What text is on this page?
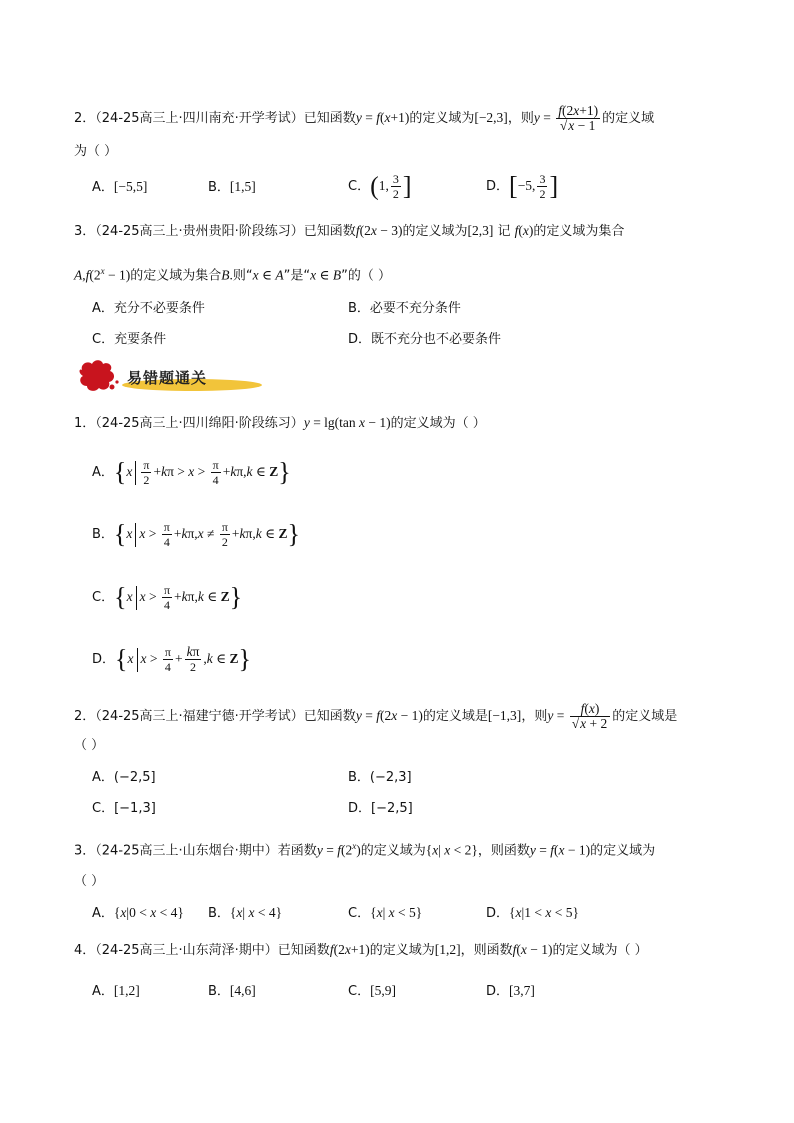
2．（24-25高三上·四川南充·开学考试）已知函数y = f(x+1)的定义域为[−2,3]，则$y = \frac{f(2x+1)}{√x - 1}$ 的定义域
为（ ）
A．[−5,5]	B．[1,5]	C．(1, $\frac{3}{2}$ ]	D．[−5, $\frac{3}{2}$ ]
3．（24-25高三上·贵州贵阳·阶段练习）已知函数f(2x − 3)的定义域为[2,3] 记 f(x)的定义域为集合
$A,f(2^x - 1)$的定义域为集合B.则“x ∈ A”是“x ∈ B”的（ ）
A．充分不必要条件	B．必要不充分条件
C．充要条件	D．既不充分也不必要条件
易错题通关
1．（24-25高三上·四川绵阳·阶段练习）y = lg(tan x − 1)的定义域为（ ）
A．{$x \frac{\pi}{2} +k\pi > x > \frac{\pi}{4} +k\pi,k$ ∈ Z}
B．{x $x > \frac{\pi}{4} +k\pi,x \ne \frac{\pi}{2} +k\pi,k$ ∈ Z}
C．{x $x > \frac{\pi}{4} +k\pi,k$ ∈ Z}
D．{x $x > \frac{\pi}{4} + \frac{k\pi}{2} ,k$ ∈ Z}
2．（24-25高三上·福建宁德·开学考试）已知函数y = f(2x − 1)的定义域是[−1,3]，则$y = \frac{f(x)}{√x + 2}$ 的定义域是
（ ）
A．(−2,5]	B．(−2,3]
C．[−1,3]	D．[−2,5]
3．（24-25高三上·山东烟台·期中）若函数$y = f(2^x)$的定义域为{x| x < 2}，则函数y = f(x − 1)的定义域为
（ ）
A．{x|0 < x < 4} B．{x| x < 4}	C．{x| x < 5}	D．{x|1 < x < 5}
4．（24-25高三上·山东菏泽·期中）已知函数f(2x+1)的定义域为[1,2]，则函数f(x − 1)的定义域为（ ）
A．[1,2]	B．[4,6]	C．[5,9]	D．[3,7]
